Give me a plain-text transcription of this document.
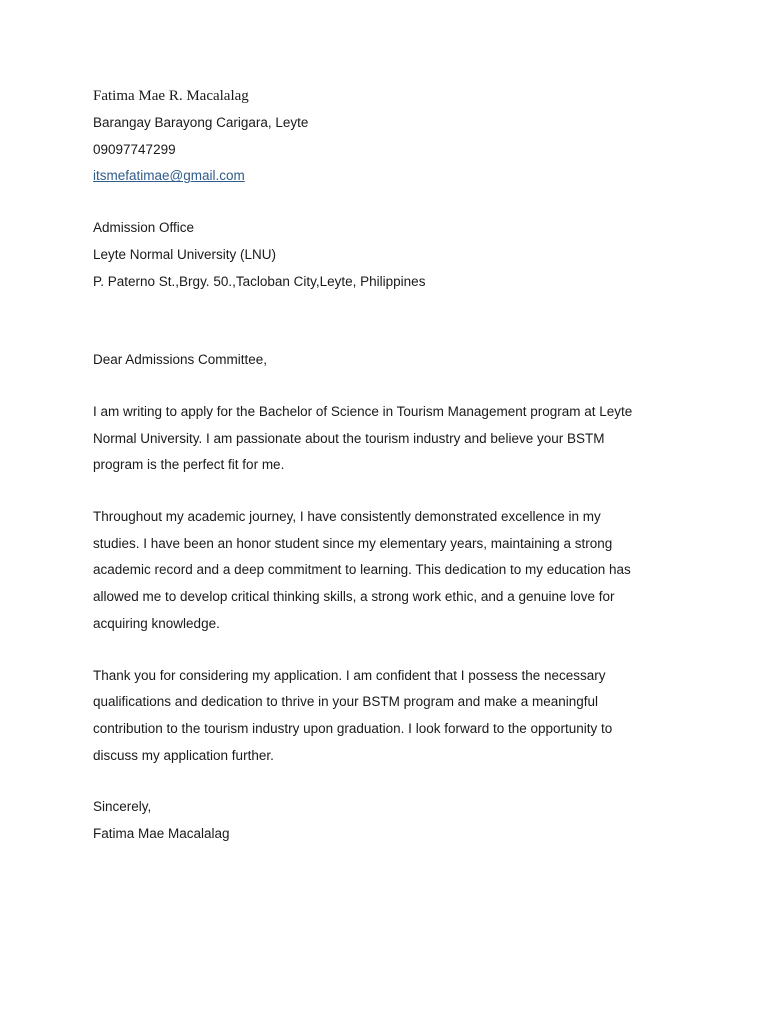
Fatima Mae R. Macalalag
Barangay Barayong Carigara, Leyte
09097747299
itsmefatimae@gmail.com
Admission Office
Leyte Normal University (LNU)
P. Paterno St.,Brgy. 50.,Tacloban City,Leyte, Philippines
Dear Admissions Committee,
I am writing to apply for the Bachelor of Science in Tourism Management program at Leyte
Normal University. I am passionate about the tourism industry and believe your BSTM
program is the perfect fit for me.
Throughout my academic journey, I have consistently demonstrated excellence in my
studies. I have been an honor student since my elementary years, maintaining a strong
academic record and a deep commitment to learning. This dedication to my education has
allowed me to develop critical thinking skills, a strong work ethic, and a genuine love for
acquiring knowledge.
Thank you for considering my application. I am confident that I possess the necessary
qualifications and dedication to thrive in your BSTM program and make a meaningful
contribution to the tourism industry upon graduation. I look forward to the opportunity to
discuss my application further.
Sincerely,
Fatima Mae Macalalag
